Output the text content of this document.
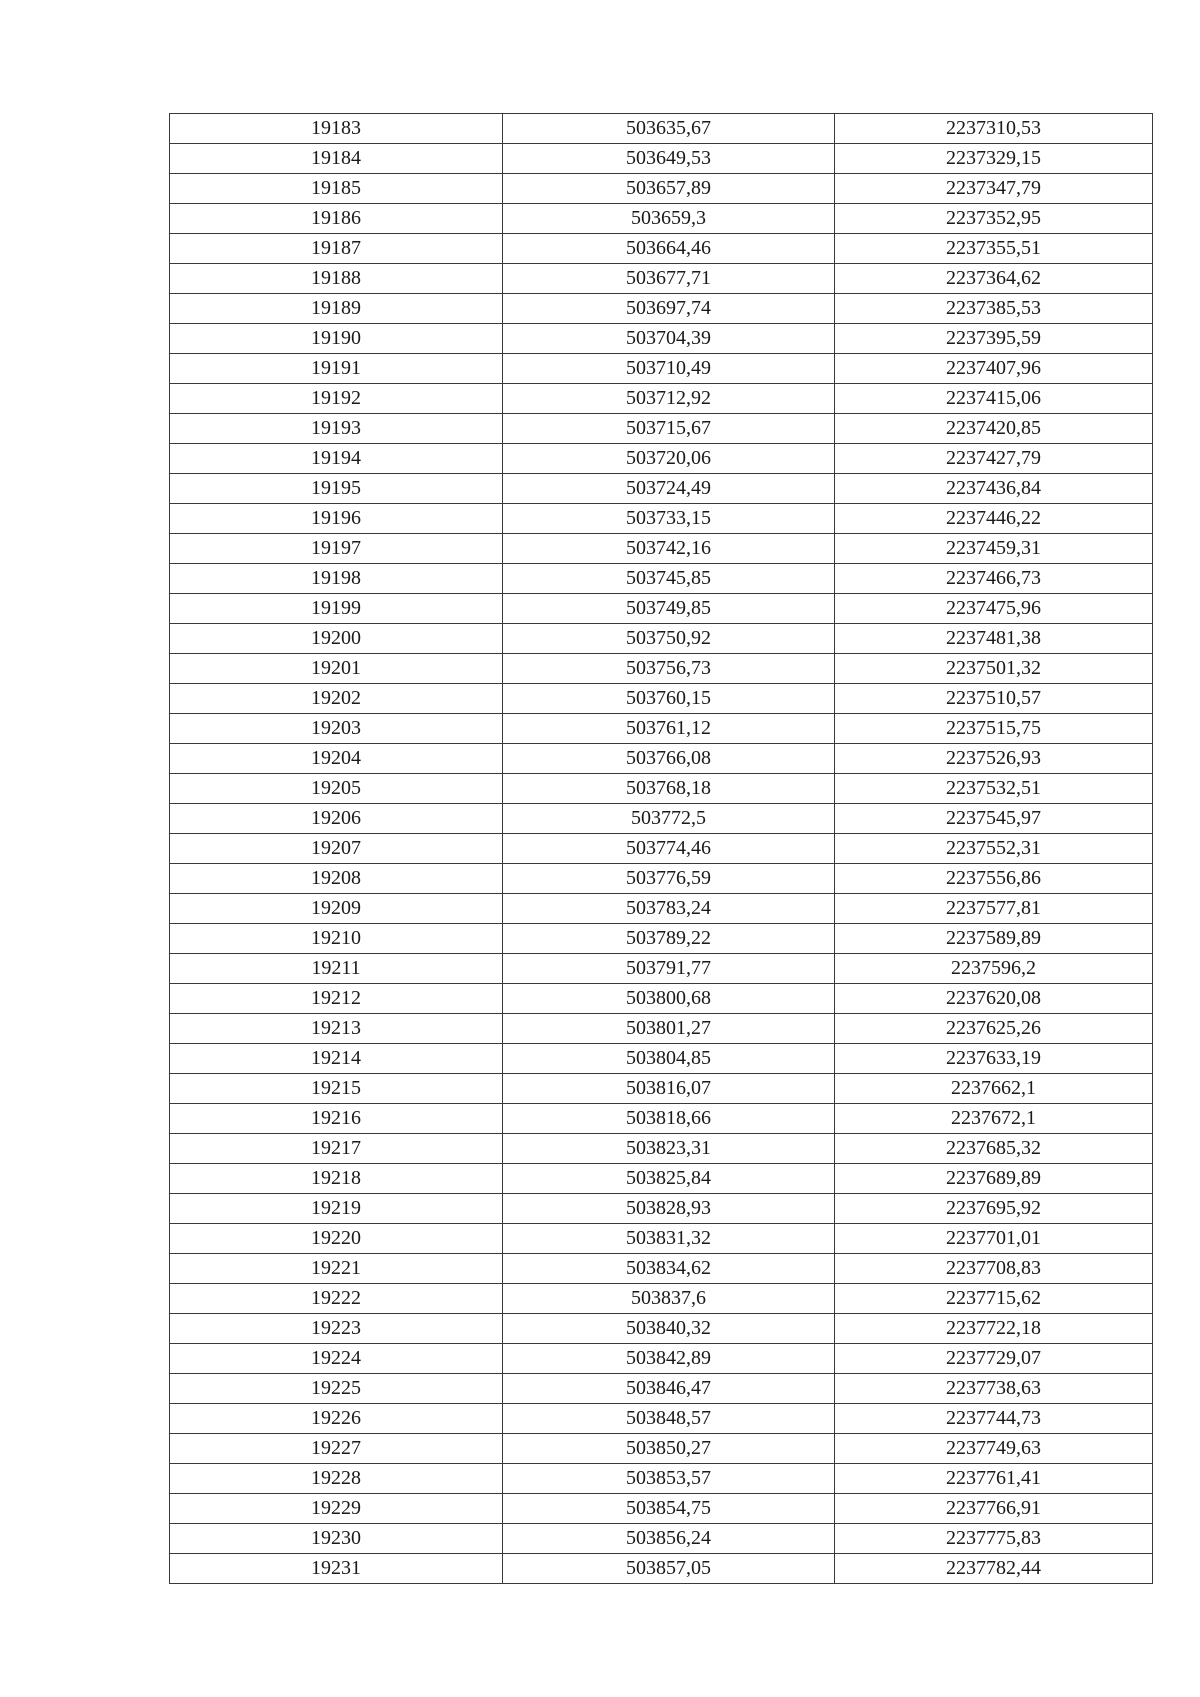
19183	503635,67	2237310,53
19184	503649,53	2237329,15
19185	503657,89	2237347,79
19186	503659,3	2237352,95
19187	503664,46	2237355,51
19188	503677,71	2237364,62
19189	503697,74	2237385,53
19190	503704,39	2237395,59
19191	503710,49	2237407,96
19192	503712,92	2237415,06
19193	503715,67	2237420,85
19194	503720,06	2237427,79
19195	503724,49	2237436,84
19196	503733,15	2237446,22
19197	503742,16	2237459,31
19198	503745,85	2237466,73
19199	503749,85	2237475,96
19200	503750,92	2237481,38
19201	503756,73	2237501,32
19202	503760,15	2237510,57
19203	503761,12	2237515,75
19204	503766,08	2237526,93
19205	503768,18	2237532,51
19206	503772,5	2237545,97
19207	503774,46	2237552,31
19208	503776,59	2237556,86
19209	503783,24	2237577,81
19210	503789,22	2237589,89
19211	503791,77	2237596,2
19212	503800,68	2237620,08
19213	503801,27	2237625,26
19214	503804,85	2237633,19
19215	503816,07	2237662,1
19216	503818,66	2237672,1
19217	503823,31	2237685,32
19218	503825,84	2237689,89
19219	503828,93	2237695,92
19220	503831,32	2237701,01
19221	503834,62	2237708,83
19222	503837,6	2237715,62
19223	503840,32	2237722,18
19224	503842,89	2237729,07
19225	503846,47	2237738,63
19226	503848,57	2237744,73
19227	503850,27	2237749,63
19228	503853,57	2237761,41
19229	503854,75	2237766,91
19230	503856,24	2237775,83
19231	503857,05	2237782,44
